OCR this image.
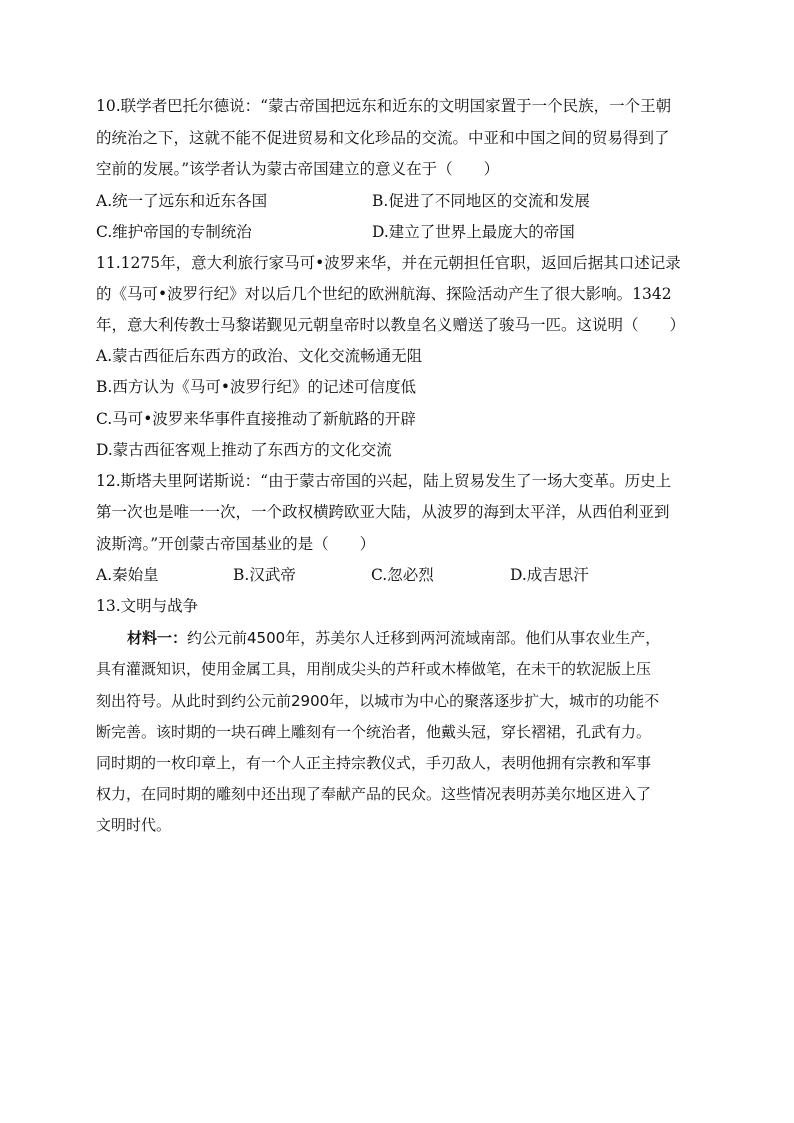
10.联学者巴托尔德说：“蒙古帝国把远东和近东的文明国家置于一个民族，一个王朝
的统治之下，这就不能不促进贸易和文化珍品的交流。中亚和中国之间的贸易得到了
空前的发展。”该学者认为蒙古帝国建立的意义在于（　　）
A.统一了远东和近东各国	B.促进了不同地区的交流和发展
C.维护帝国的专制统治	D.建立了世界上最庞大的帝国
11.1275年，意大利旅行家马可•波罗来华，并在元朝担任官职，返回后据其口述记录
的《马可•波罗行纪》对以后几个世纪的欧洲航海、探险活动产生了很大影响。1342
年，意大利传教士马黎诺觐见元朝皇帝时以教皇名义赠送了骏马一匹。这说明（　　）
A.蒙古西征后东西方的政治、文化交流畅通无阻
B.西方认为《马可•波罗行纪》的记述可信度低
C.马可•波罗来华事件直接推动了新航路的开辟
D.蒙古西征客观上推动了东西方的文化交流
12.斯塔夫里阿诺斯说：“由于蒙古帝国的兴起，陆上贸易发生了一场大变革。历史上
第一次也是唯一一次，一个政权横跨欧亚大陆，从波罗的海到太平洋，从西伯利亚到
波斯湾。”开创蒙古帝国基业的是（　　）
A.秦始皇	B.汉武帝	C.忽必烈	D.成吉思汗
13.文明与战争
材料一：约公元前4500年，苏美尔人迁移到两河流域南部。他们从事农业生产，
具有灌溉知识，使用金属工具，用削成尖头的芦秆或木棒做笔，在未干的软泥版上压
刻出符号。从此时到约公元前2900年，以城市为中心的聚落逐步扩大，城市的功能不
断完善。该时期的一块石碑上雕刻有一个统治者，他戴头冠，穿长褶裙，孔武有力。
同时期的一枚印章上，有一个人正主持宗教仪式，手刃敌人，表明他拥有宗教和军事
权力，在同时期的雕刻中还出现了奉献产品的民众。这些情况表明苏美尔地区进入了
文明时代。
